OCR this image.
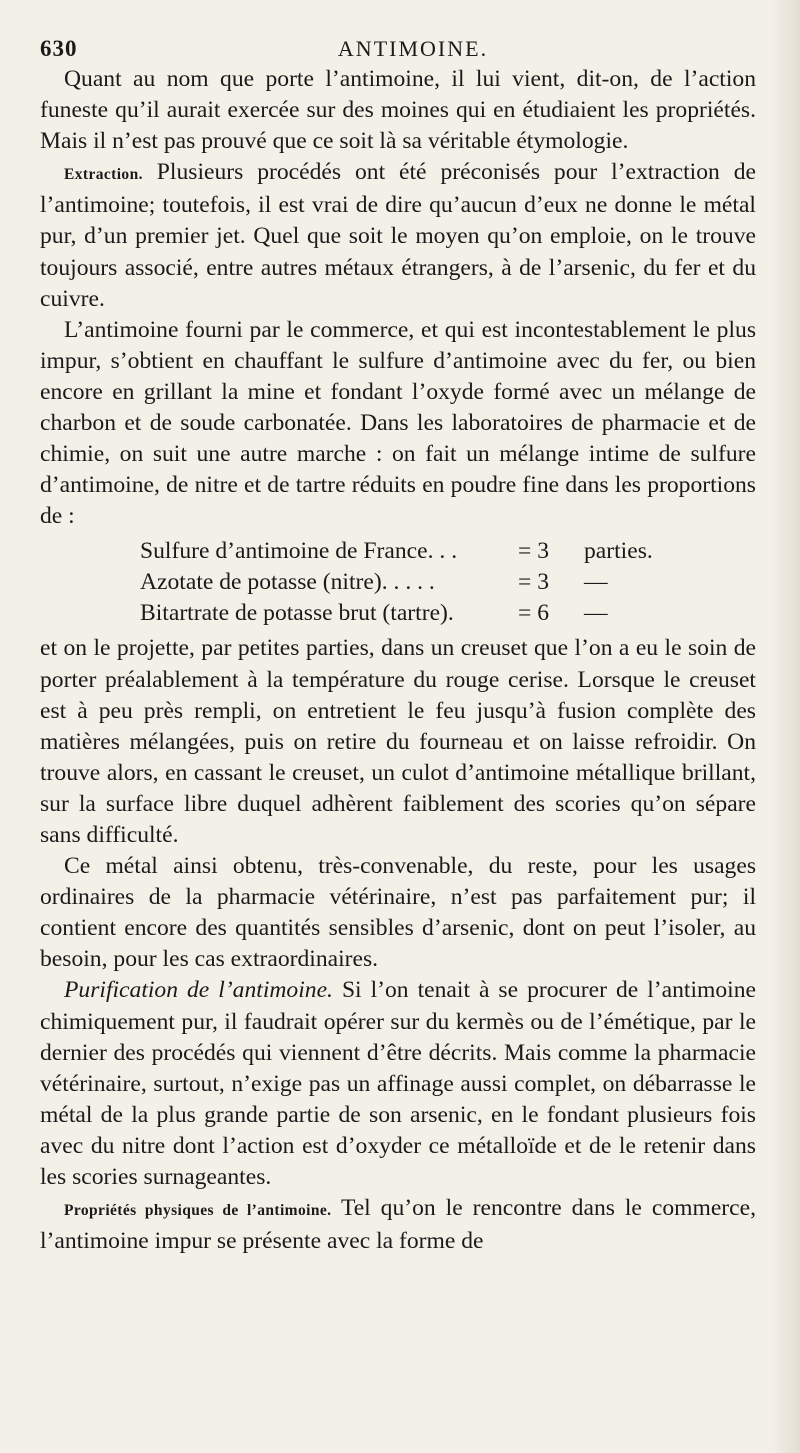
630	ANTIMOINE.

Quant au nom que porte l’antimoine, il lui vient, dit-on, de l’action funeste qu’il aurait exercée sur des moines qui en étudiaient les propriétés. Mais il n’est pas prouvé que ce soit là sa véritable étymologie.

Extraction. Plusieurs procédés ont été préconisés pour l’extraction de l’antimoine; toutefois, il est vrai de dire qu’aucun d’eux ne donne le métal pur, d’un premier jet. Quel que soit le moyen qu’on emploie, on le trouve toujours associé, entre autres métaux étrangers, à de l’arsenic, du fer et du cuivre.

L’antimoine fourni par le commerce, et qui est incontestablement le plus impur, s’obtient en chauffant le sulfure d’antimoine avec du fer, ou bien encore en grillant la mine et fondant l’oxyde formé avec un mélange de charbon et de soude carbonatée. Dans les laboratoires de pharmacie et de chimie, on suit une autre marche : on fait un mélange intime de sulfure d’antimoine, de nitre et de tartre réduits en poudre fine dans les proportions de :

Sulfure d’antimoine de France. . .	= 3	parties.
Azotate de potasse (nitre). . . . .	= 3	—
Bitartrate de potasse brut (tartre).	= 6	—

et on le projette, par petites parties, dans un creuset que l’on a eu le soin de porter préalablement à la température du rouge cerise. Lorsque le creuset est à peu près rempli, on entretient le feu jusqu’à fusion complète des matières mélangées, puis on retire du fourneau et on laisse refroidir. On trouve alors, en cassant le creuset, un culot d’antimoine métallique brillant, sur la surface libre duquel adhèrent faiblement des scories qu’on sépare sans difficulté.

Ce métal ainsi obtenu, très-convenable, du reste, pour les usages ordinaires de la pharmacie vétérinaire, n’est pas parfaitement pur; il contient encore des quantités sensibles d’arsenic, dont on peut l’isoler, au besoin, pour les cas extraordinaires.

Purification de l’antimoine. Si l’on tenait à se procurer de l’antimoine chimiquement pur, il faudrait opérer sur du kermès ou de l’émétique, par le dernier des procédés qui viennent d’être décrits. Mais comme la pharmacie vétérinaire, surtout, n’exige pas un affinage aussi complet, on débarrasse le métal de la plus grande partie de son arsenic, en le fondant plusieurs fois avec du nitre dont l’action est d’oxyder ce métalloïde et de le retenir dans les scories surnageantes.

Propriétés physiques de l’antimoine. Tel qu’on le rencontre dans le commerce, l’antimoine impur se présente avec la forme de
